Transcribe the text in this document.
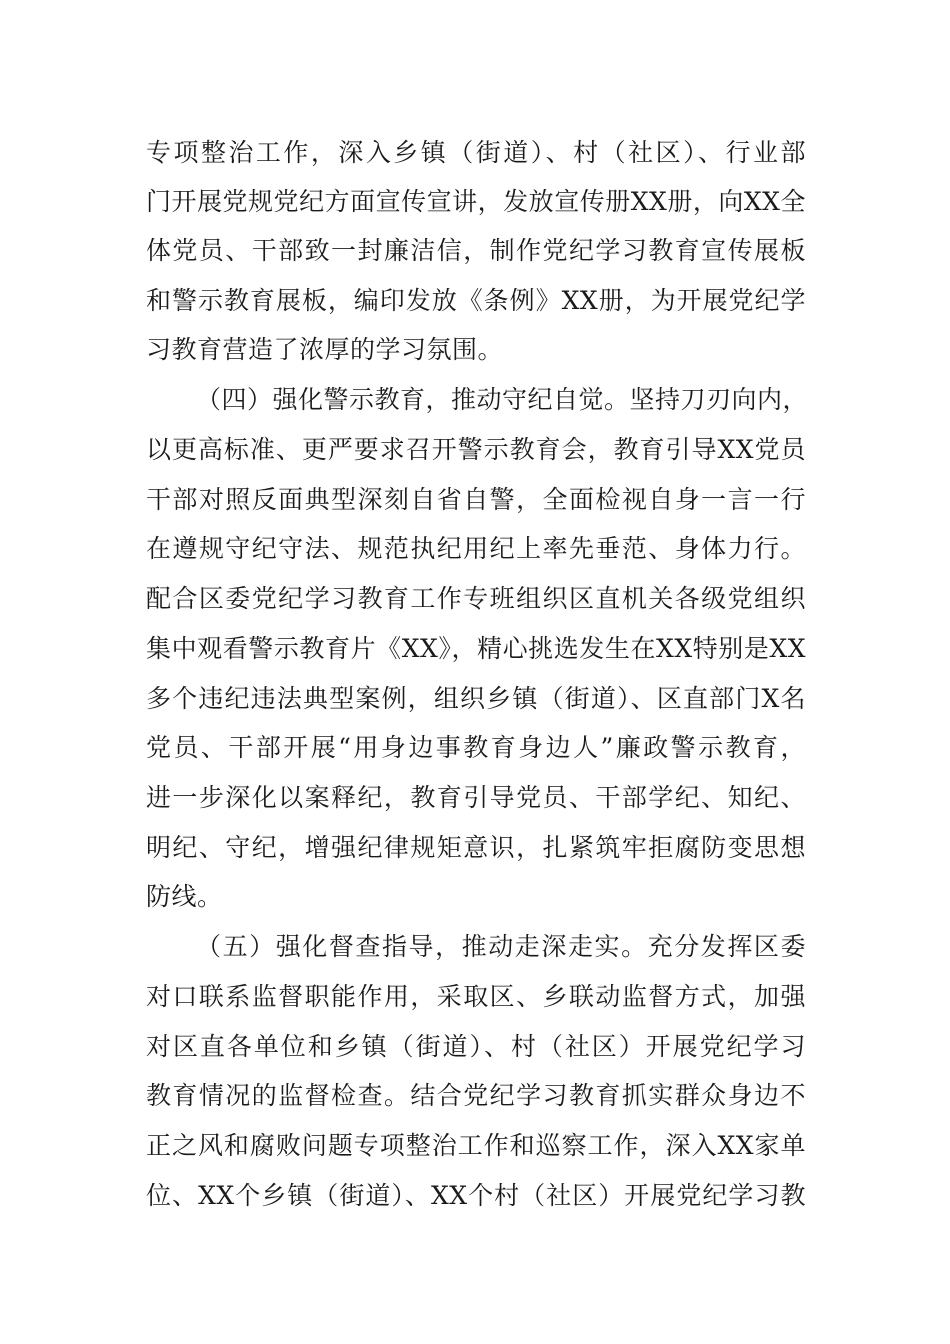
专项整治工作，深入乡镇（街道）、村（社区）、行业部
门开展党规党纪方面宣传宣讲，发放宣传册XX册，向XX全
体党员、干部致一封廉洁信，制作党纪学习教育宣传展板
和警示教育展板，编印发放《条例》XX册，为开展党纪学
习教育营造了浓厚的学习氛围。
（四）强化警示教育，推动守纪自觉。坚持刀刃向内，
以更高标准、更严要求召开警示教育会，教育引导XX党员
干部对照反面典型深刻自省自警，全面检视自身一言一行
在遵规守纪守法、规范执纪用纪上率先垂范、身体力行。
配合区委党纪学习教育工作专班组织区直机关各级党组织
集中观看警示教育片《XX》，精心挑选发生在XX特别是XX
多个违纪违法典型案例，组织乡镇（街道）、区直部门X名
党员、干部开展“用身边事教育身边人”廉政警示教育，
进一步深化以案释纪，教育引导党员、干部学纪、知纪、
明纪、守纪，增强纪律规矩意识，扎紧筑牢拒腐防变思想
防线。
（五）强化督查指导，推动走深走实。充分发挥区委
对口联系监督职能作用，采取区、乡联动监督方式，加强
对区直各单位和乡镇（街道）、村（社区）开展党纪学习
教育情况的监督检查。结合党纪学习教育抓实群众身边不
正之风和腐败问题专项整治工作和巡察工作，深入XX家单
位、XX个乡镇（街道）、XX个村（社区）开展党纪学习教
